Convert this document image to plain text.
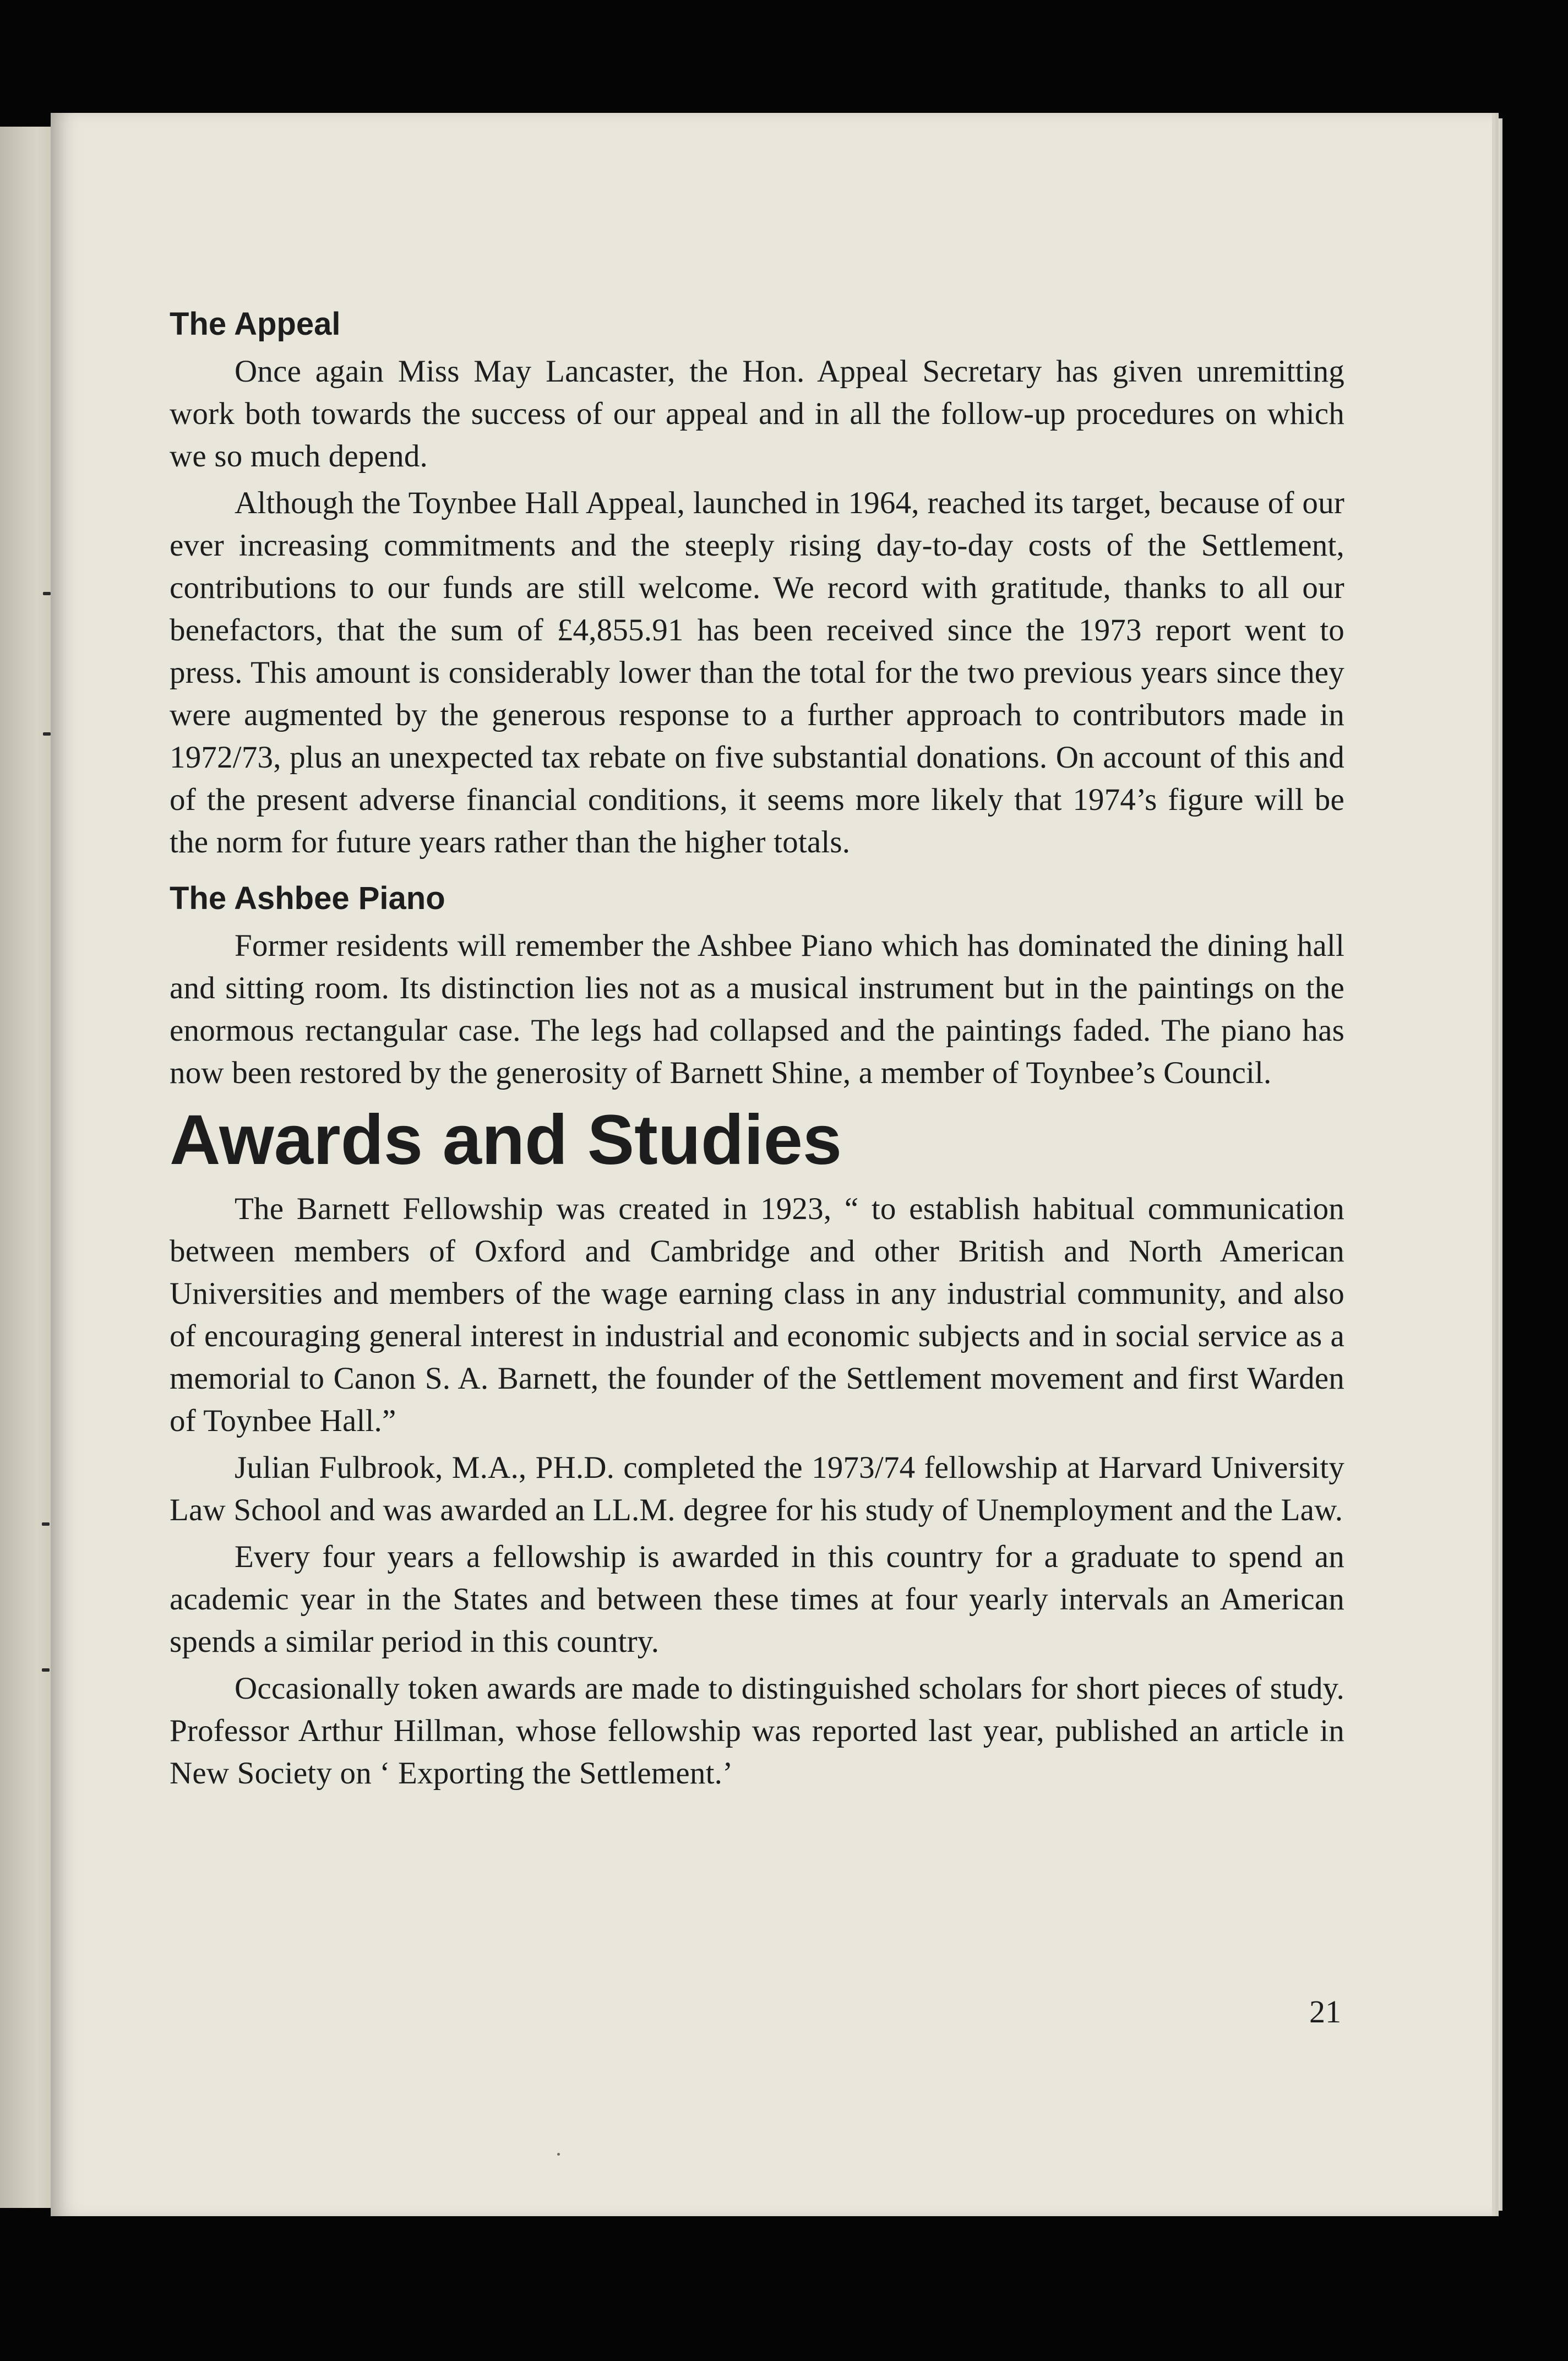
The Appeal

Once again Miss May Lancaster, the Hon. Appeal Secretary has given unremitting work both towards the success of our appeal and in all the follow-up procedures on which we so much depend.

Although the Toynbee Hall Appeal, launched in 1964, reached its target, because of our ever increasing commitments and the steeply rising day-to-day costs of the Settlement, contributions to our funds are still welcome. We record with gratitude, thanks to all our benefactors, that the sum of £4,855.91 has been received since the 1973 report went to press. This amount is considerably lower than the total for the two previous years since they were augmented by the generous response to a further approach to contributors made in 1972/73, plus an unexpected tax rebate on five substantial donations. On account of this and of the present adverse financial conditions, it seems more likely that 1974’s figure will be the norm for future years rather than the higher totals.

The Ashbee Piano

Former residents will remember the Ashbee Piano which has dominated the dining hall and sitting room. Its distinction lies not as a musical instrument but in the paintings on the enormous rectangular case. The legs had collapsed and the paintings faded. The piano has now been restored by the generosity of Barnett Shine, a member of Toynbee’s Council.

Awards and Studies

The Barnett Fellowship was created in 1923, “ to establish habitual communication between members of Oxford and Cambridge and other British and North American Universities and members of the wage earning class in any industrial community, and also of encouraging general interest in industrial and economic subjects and in social service as a memorial to Canon S. A. Barnett, the founder of the Settlement movement and first Warden of Toynbee Hall.”

Julian Fulbrook, M.A., PH.D. completed the 1973/74 fellowship at Harvard University Law School and was awarded an LL.M. degree for his study of Unemployment and the Law.

Every four years a fellowship is awarded in this country for a graduate to spend an academic year in the States and between these times at four yearly intervals an American spends a similar period in this country.

Occasionally token awards are made to distinguished scholars for short pieces of study. Professor Arthur Hillman, whose fellowship was reported last year, published an article in New Society on ‘ Exporting the Settlement.’

21
